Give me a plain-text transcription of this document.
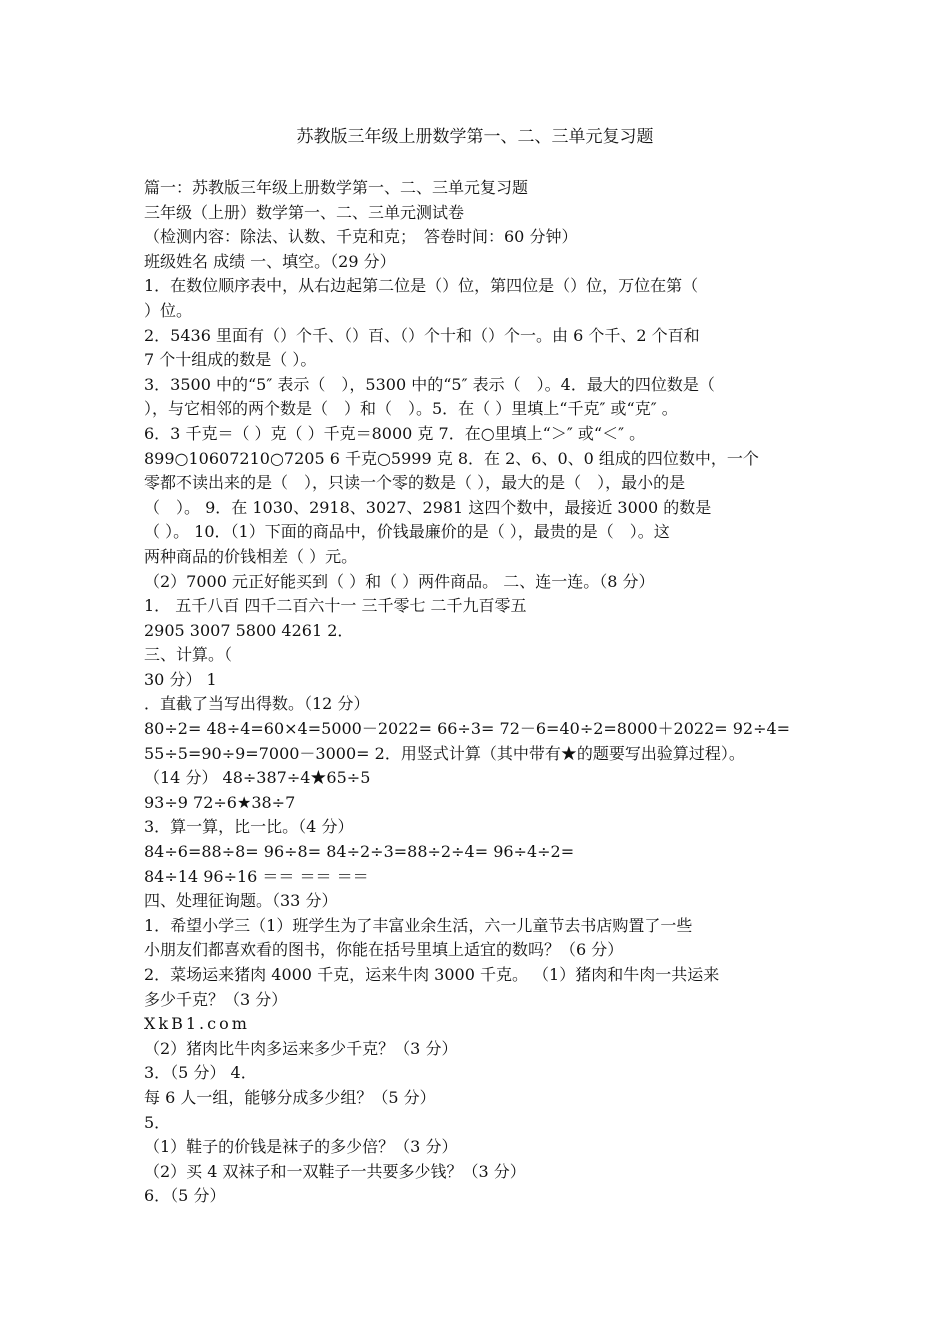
苏教版三年级上册数学第一、二、三单元复习题
篇一：苏教版三年级上册数学第一、二、三单元复习题
三年级（上册）数学第一、二、三单元测试卷
（检测内容：除法、认数、千克和克；　答卷时间：60 分钟）
班级姓名 成绩 一、填空。（29 分）
1．在数位顺序表中，从右边起第二位是（）位，第四位是（）位，万位在第（
）位。
2．5436 里面有（）个千、（）百、（）个十和（）个一。由 6 个千、2 个百和
7 个十组成的数是（ ）。
3．3500 中的“5″ 表示（　），5300 中的“5″ 表示（　）。4．最大的四位数是（
），与它相邻的两个数是（　）和（　）。5．在（ ）里填上“千克″ 或“克″ 。
6．3 千克＝（ ）克（ ）千克＝8000 克 7．在○里填上“＞″ 或“＜″ 。
899○10607210○7205 6 千克○5999 克 8．在 2、6、0、0 组成的四位数中，一个
零都不读出来的是（　），只读一个零的数是（ ），最大的是（　），最小的是
（　）。 9．在 1030、2918、3027、2981 这四个数中，最接近 3000 的数是
（ ）。 10．（1）下面的商品中，价钱最廉价的是（ ），最贵的是（　）。这
两种商品的价钱相差（ ）元。
（2）7000 元正好能买到（ ）和（ ）两件商品。 二、连一连。（8 分）
1． 五千八百 四千二百六十一 三千零七 二千九百零五
2905 3007 5800 4261 2．
三、计算。（
30 分） 1
．直截了当写出得数。（12 分）
80÷2= 48÷4=60×4=5000－2022= 66÷3= 72－6=40÷2=8000＋2022= 92÷4=
55÷5=90÷9=7000－3000= 2．用竖式计算（其中带有★的题要写出验算过程）。
（14 分） 48÷387÷4★65÷5
93÷9 72÷6★38÷7
3．算一算，比一比。（4 分）
84÷6=88÷8= 96÷8= 84÷2÷3=88÷2÷4= 96÷4÷2=
84÷14 96÷16 ＝＝ ＝＝ ＝＝
四、处理征询题。（33 分）
1．希望小学三（1）班学生为了丰富业余生活，六一儿童节去书店购置了一些
小朋友们都喜欢看的图书，你能在括号里填上适宜的数吗？（6 分）
2．菜场运来猪肉 4000 千克，运来牛肉 3000 千克。 （1）猪肉和牛肉一共运来
多少千克？（3 分）
XkB1.com
（2）猪肉比牛肉多运来多少千克？（3 分）
3．（5 分） 4．
每 6 人一组，能够分成多少组？（5 分）
5．
（1）鞋子的价钱是袜子的多少倍？（3 分）
（2）买 4 双袜子和一双鞋子一共要多少钱？（3 分）
6．（5 分）
